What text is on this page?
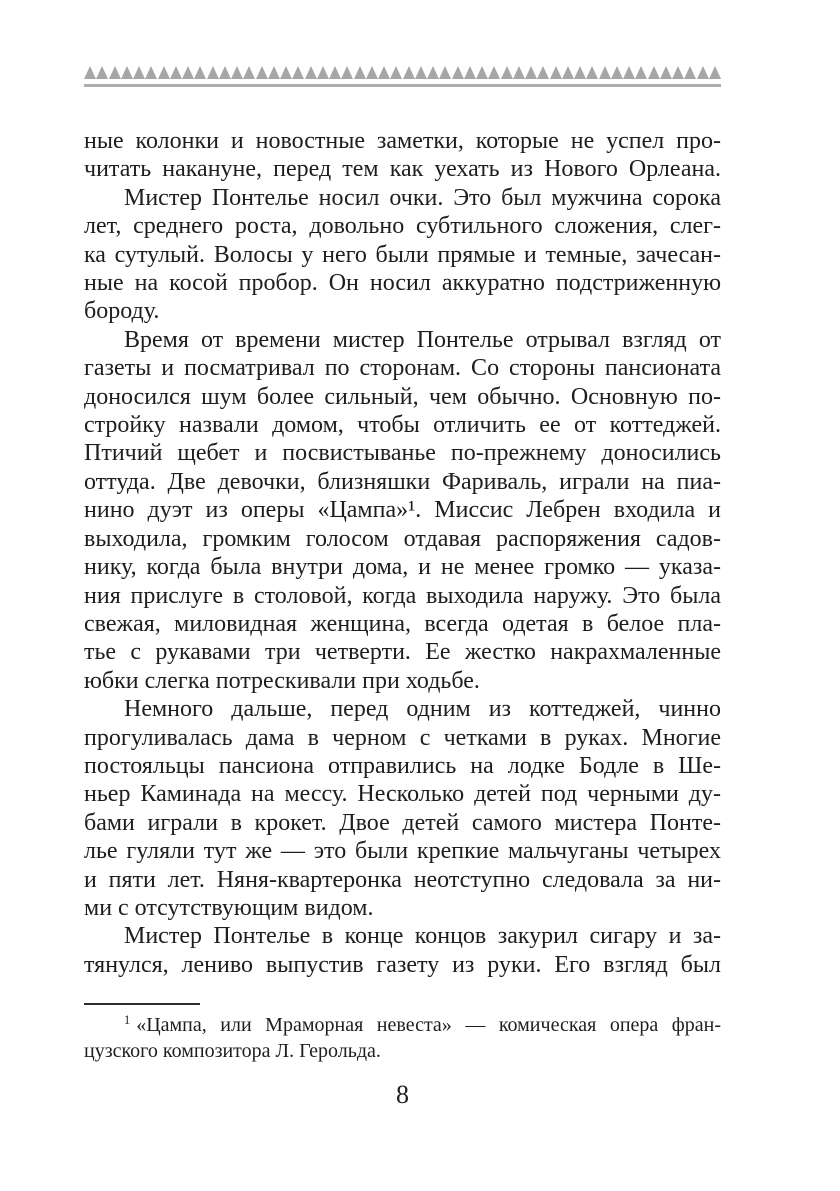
ные колонки и новостные заметки, которые не успел про-
читать накануне, перед тем как уехать из Нового Орлеана.
Мистер Понтелье носил очки. Это был мужчина сорока
лет, среднего роста, довольно субтильного сложения, слег-
ка сутулый. Волосы у него были прямые и темные, зачесан-
ные на косой пробор. Он носил аккуратно подстриженную
бороду.
Время от времени мистер Понтелье отрывал взгляд от
газеты и посматривал по сторонам. Со стороны пансионата
доносился шум более сильный, чем обычно. Основную по-
стройку назвали домом, чтобы отличить ее от коттеджей.
Птичий щебет и посвистыванье по-прежнему доносились
оттуда. Две девочки, близняшки Фариваль, играли на пиа-
нино дуэт из оперы «Цампа»¹. Миссис Лебрен входила и
выходила, громким голосом отдавая распоряжения садов-
нику, когда была внутри дома, и не менее громко — указа-
ния прислуге в столовой, когда выходила наружу. Это была
свежая, миловидная женщина, всегда одетая в белое пла-
тье с рукавами три четверти. Ее жестко накрахмаленные
юбки слегка потрескивали при ходьбе.
Немного дальше, перед одним из коттеджей, чинно
прогуливалась дама в черном с четками в руках. Многие
постояльцы пансиона отправились на лодке Бодле в Ше-
ньер Каминада на мессу. Несколько детей под черными ду-
бами играли в крокет. Двое детей самого мистера Понте-
лье гуляли тут же — это были крепкие мальчуганы четырех
и пяти лет. Няня-квартеронка неотступно следовала за ни-
ми с отсутствующим видом.
Мистер Понтелье в конце концов закурил сигару и за-
тянулся, лениво выпустив газету из руки. Его взгляд был
$^1$ «Цампа, или Мраморная невеста» — комическая опера фран-
цузского композитора Л. Герольда.
8
